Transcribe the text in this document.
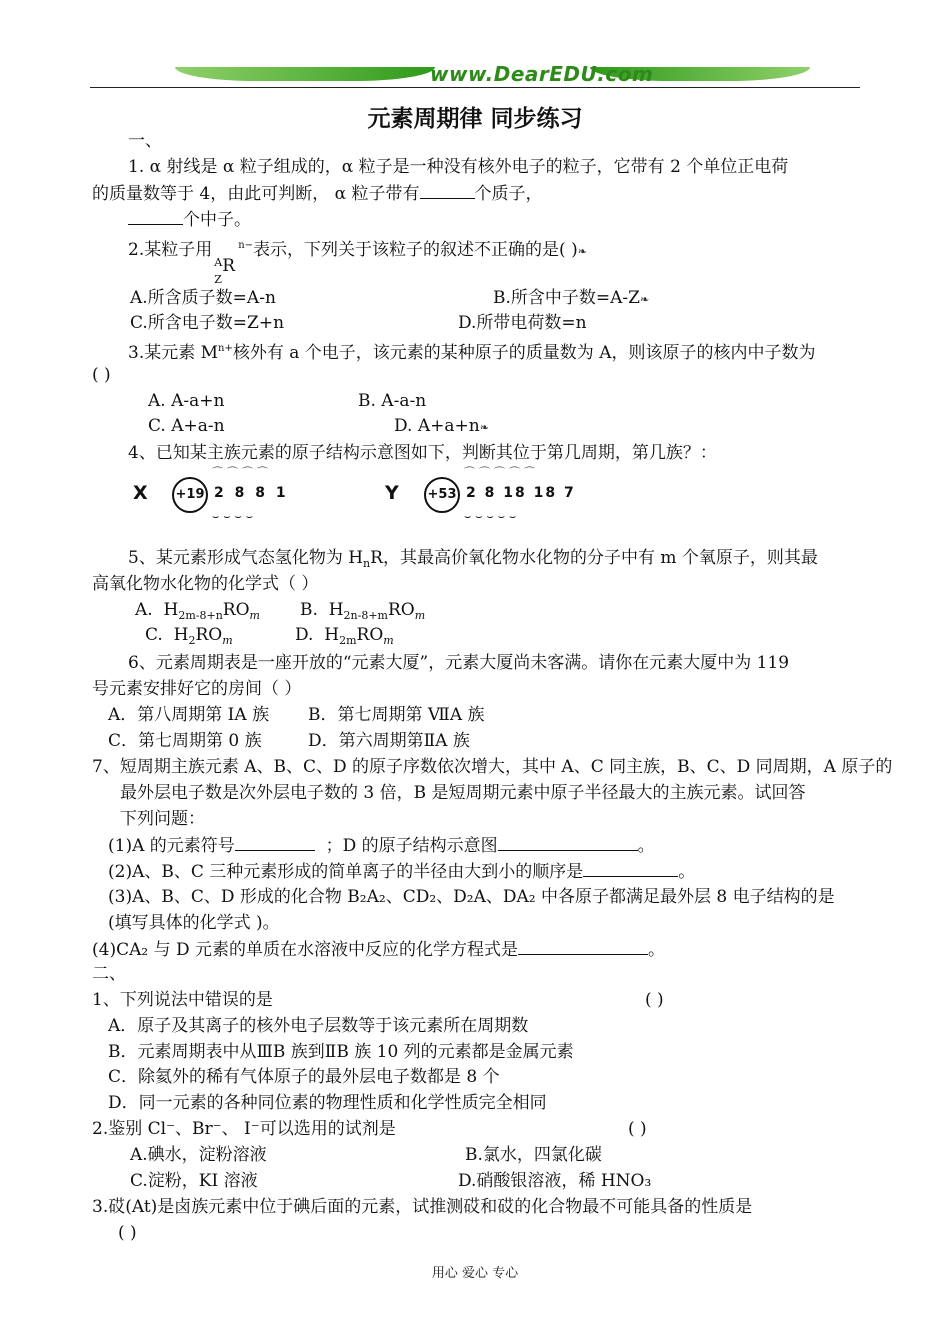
www.DearEDU.com
元素周期律 同步练习
一、
1. α 射线是 α 粒子组成的，α 粒子是一种没有核外电子的粒子，它带有 2 个单位正电荷
的质量数等于 4，由此可判断， α 粒子带有	个质子，
个中子。
2.某粒子用
A
Z
R
$^{n-}$表示，下列关于该粒子的叙述不正确的是( )❧
A.所含质子数=A-n	B.所含中子数=A-Z❧
C.所含电子数=Z+n	D.所带电荷数=n
3.某元素 $M^{n+}$核外有 a 个电子，该元素的某种原子的质量数为 A，则该原子的核内中子数为
( )
A. A-a+n	B. A-a-n
C. A+a-n	D. A+a+n❧
4、已知某主族元素的原子结构示意图如下，判断其位于第几周期，第几族？：
X
⌒⌒⌒⌒
+19 2 8 8 1
⌣⌣⌣⌣
Y
⌒⌒⌒⌒⌒
+53 2 8 18 18 7
⌣⌣⌣⌣⌣
5、某元素形成气态氢化物为 $H_nR$，其最高价氧化物水化物的分子中有 m 个氧原子，则其最
高氧化物水化物的化学式（ ）
A. $H_{2m-8+n}RO_m$ B. $H_{2n-8+m}RO_m$
C. $H_2RO_m$	D. $H_{2m}RO_m$
6、元素周期表是一座开放的“元素大厦”，元素大厦尚未客满。请你在元素大厦中为 119
号元素安排好它的房间（ ）
A．第八周期第 IA 族 B．第七周期第 ⅦA 族
C．第七周期第 0 族	D．第六周期第ⅡA 族
7、短周期主族元素 A、B、C、D 的原子序数依次增大，其中 A、C 同主族，B、C、D 同周期，A 原子的
最外层电子数是次外层电子数的 3 倍，B 是短周期元素中原子半径最大的主族元素。试回答
下列问题：
(1)A 的元素符号	；D 的原子结构示意图	。
(2)A、B、C 三种元素形成的简单离子的半径由大到小的顺序是	。
(3)A、B、C、D 形成的化合物 B₂A₂、CD₂、D₂A、DA₂ 中各原子都满足最外层 8 电子结构的是
(填写具体的化学式 )。
(4)CA₂ 与 D 元素的单质在水溶液中反应的化学方程式是	。
二、
1、下列说法中错误的是	( )
A．原子及其离子的核外电子层数等于该元素所在周期数
B．元素周期表中从ⅢB 族到ⅡB 族 10 列的元素都是金属元素
C．除氦外的稀有气体原子的最外层电子数都是 8 个
D．同一元素的各种同位素的物理性质和化学性质完全相同
2.鉴别 Cl⁻、Br⁻、 I⁻可以选用的试剂是	( )
A.碘水，淀粉溶液	B.氯水，四氯化碳
C.淀粉，KI 溶液	D.硝酸银溶液，稀 HNO₃
3.砹(At)是卤族元素中位于碘后面的元素，试推测砹和砹的化合物最不可能具备的性质是
( )
用心 爱心 专心
